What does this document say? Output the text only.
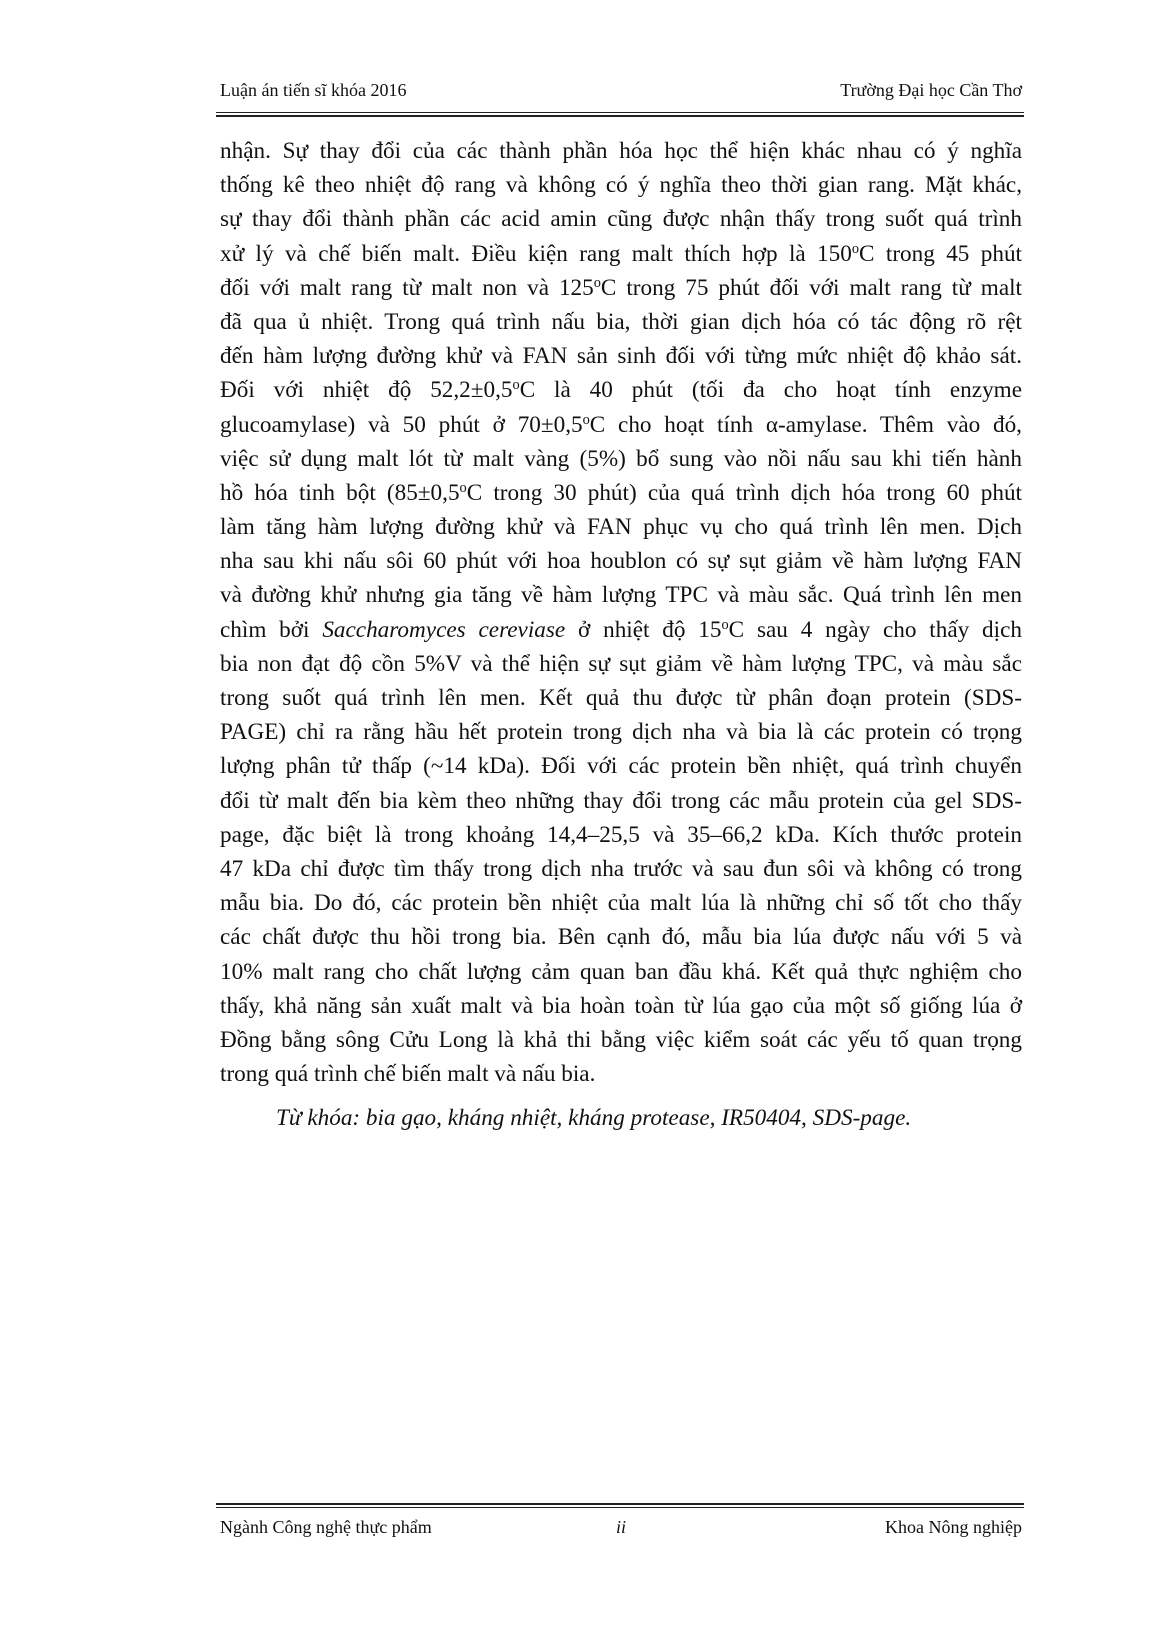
Luận án tiến sĩ khóa 2016	Trường Đại học Cần Thơ
nhận. Sự thay đổi của các thành phần hóa học thể hiện khác nhau có ý nghĩa
thống kê theo nhiệt độ rang và không có ý nghĩa theo thời gian rang. Mặt khác,
sự thay đổi thành phần các acid amin cũng được nhận thấy trong suốt quá trình
xử lý và chế biến malt. Điều kiện rang malt thích hợp là 150$^o$C trong 45 phút
đối với malt rang từ malt non và 125$^o$C trong 75 phút đối với malt rang từ malt
đã qua ủ nhiệt. Trong quá trình nấu bia, thời gian dịch hóa có tác động rõ rệt
đến hàm lượng đường khử và FAN sản sinh đối với từng mức nhiệt độ khảo sát.
Đối với nhiệt độ $52,2\pm 0,5^oC$ là 40 phút (tối đa cho hoạt tính enzyme
glucoamylase) và 50 phút ở $70\pm 0,5^oC$ cho hoạt tính α-amylase. Thêm vào đó,
việc sử dụng malt lót từ malt vàng (5%) bổ sung vào nồi nấu sau khi tiến hành
hồ hóa tinh bột ($85\pm 0,5^oC$ trong 30 phút) của quá trình dịch hóa trong 60 phút
làm tăng hàm lượng đường khử và FAN phục vụ cho quá trình lên men. Dịch
nha sau khi nấu sôi 60 phút với hoa houblon có sự sụt giảm về hàm lượng FAN
và đường khử nhưng gia tăng về hàm lượng TPC và màu sắc. Quá trình lên men
chìm bởi Saccharomyces cereviase ở nhiệt độ 15$^o$C sau 4 ngày cho thấy dịch
bia non đạt độ cồn 5%V và thể hiện sự sụt giảm về hàm lượng TPC, và màu sắc
trong suốt quá trình lên men. Kết quả thu được từ phân đoạn protein (SDS-
PAGE) chỉ ra rằng hầu hết protein trong dịch nha và bia là các protein có trọng
lượng phân tử thấp (~14 kDa). Đối với các protein bền nhiệt, quá trình chuyển
đổi từ malt đến bia kèm theo những thay đổi trong các mẫu protein của gel SDS-
page, đặc biệt là trong khoảng 14,4–25,5 và 35–66,2 kDa. Kích thước protein
47 kDa chỉ được tìm thấy trong dịch nha trước và sau đun sôi và không có trong
mẫu bia. Do đó, các protein bền nhiệt của malt lúa là những chỉ số tốt cho thấy
các chất được thu hồi trong bia. Bên cạnh đó, mẫu bia lúa được nấu với 5 và
10% malt rang cho chất lượng cảm quan ban đầu khá. Kết quả thực nghiệm cho
thấy, khả năng sản xuất malt và bia hoàn toàn từ lúa gạo của một số giống lúa ở
Đồng bằng sông Cửu Long là khả thi bằng việc kiểm soát các yếu tố quan trọng
trong quá trình chế biến malt và nấu bia.
Từ khóa: bia gạo, kháng nhiệt, kháng protease, IR50404, SDS-page.
Ngành Công nghệ thực phẩm	ii	Khoa Nông nghiệp
